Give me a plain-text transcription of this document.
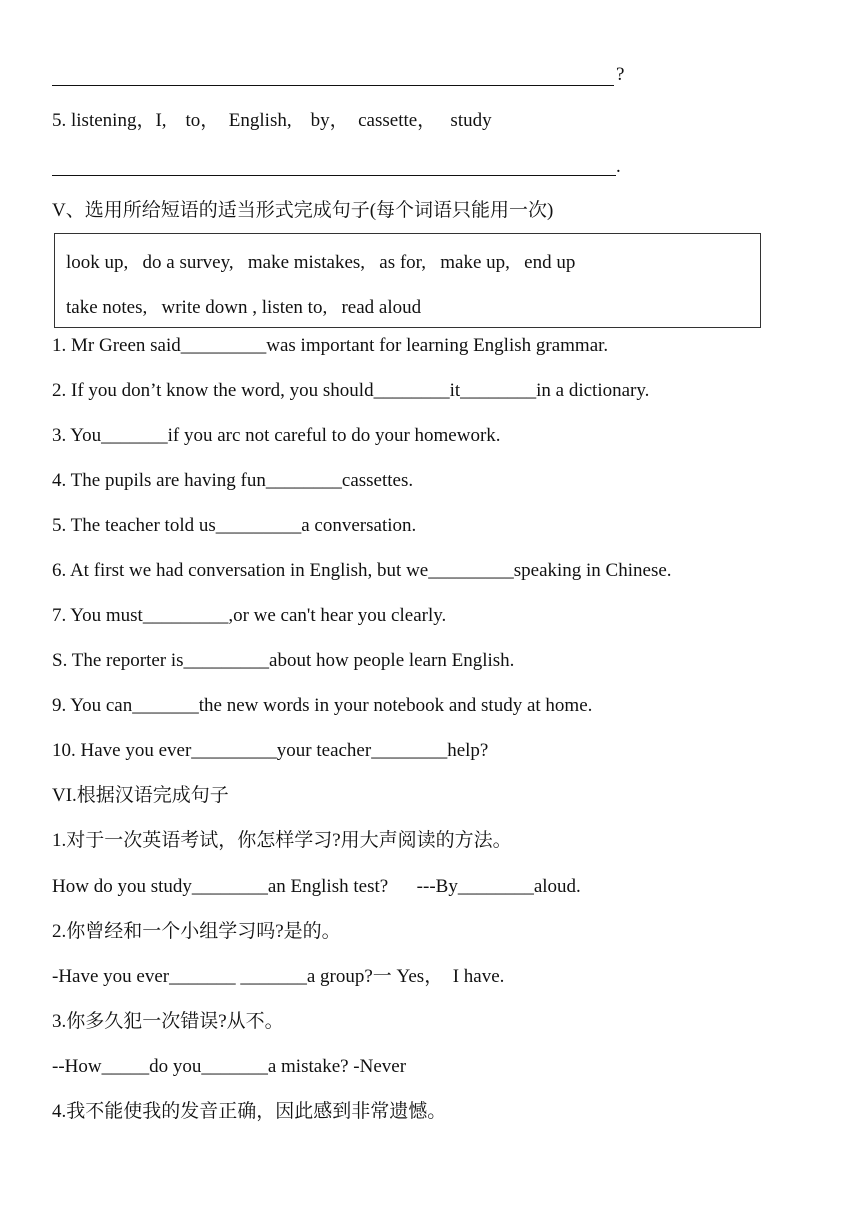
?
5. listening，I,    to，  English,    by，  cassette，   study
.
V、选用所给短语的适当形式完成句子(每个词语只能用一次)
look up,   do a survey,   make mistakes,   as for,   make up,   end up
take notes,   write down , listen to,   read aloud
1. Mr Green said_________was important for learning English grammar.
2. If you don’t know the word, you should________it________in a dictionary.
3. You_______if you arc not careful to do your homework.
4. The pupils are having fun________cassettes.
5. The teacher told us_________a conversation.
6. At first we had conversation in English, but we_________speaking in Chinese.
7. You must_________,or we can't hear you clearly.
S. The reporter is_________about how people learn English.
9. You can_______the new words in your notebook and study at home.
10. Have you ever_________your teacher________help?
VI.根据汉语完成句子
1.对于一次英语考试，你怎样学习?用大声阅读的方法。
How do you study________an English test?      ---By________aloud.
2.你曾经和一个小组学习吗?是的。
-Have you ever_______ _______a group?一 Yes，  I have.
3.你多久犯一次错误?从不。
--How_____do you_______a mistake? -Never
4.我不能使我的发音正确，因此感到非常遗憾。
